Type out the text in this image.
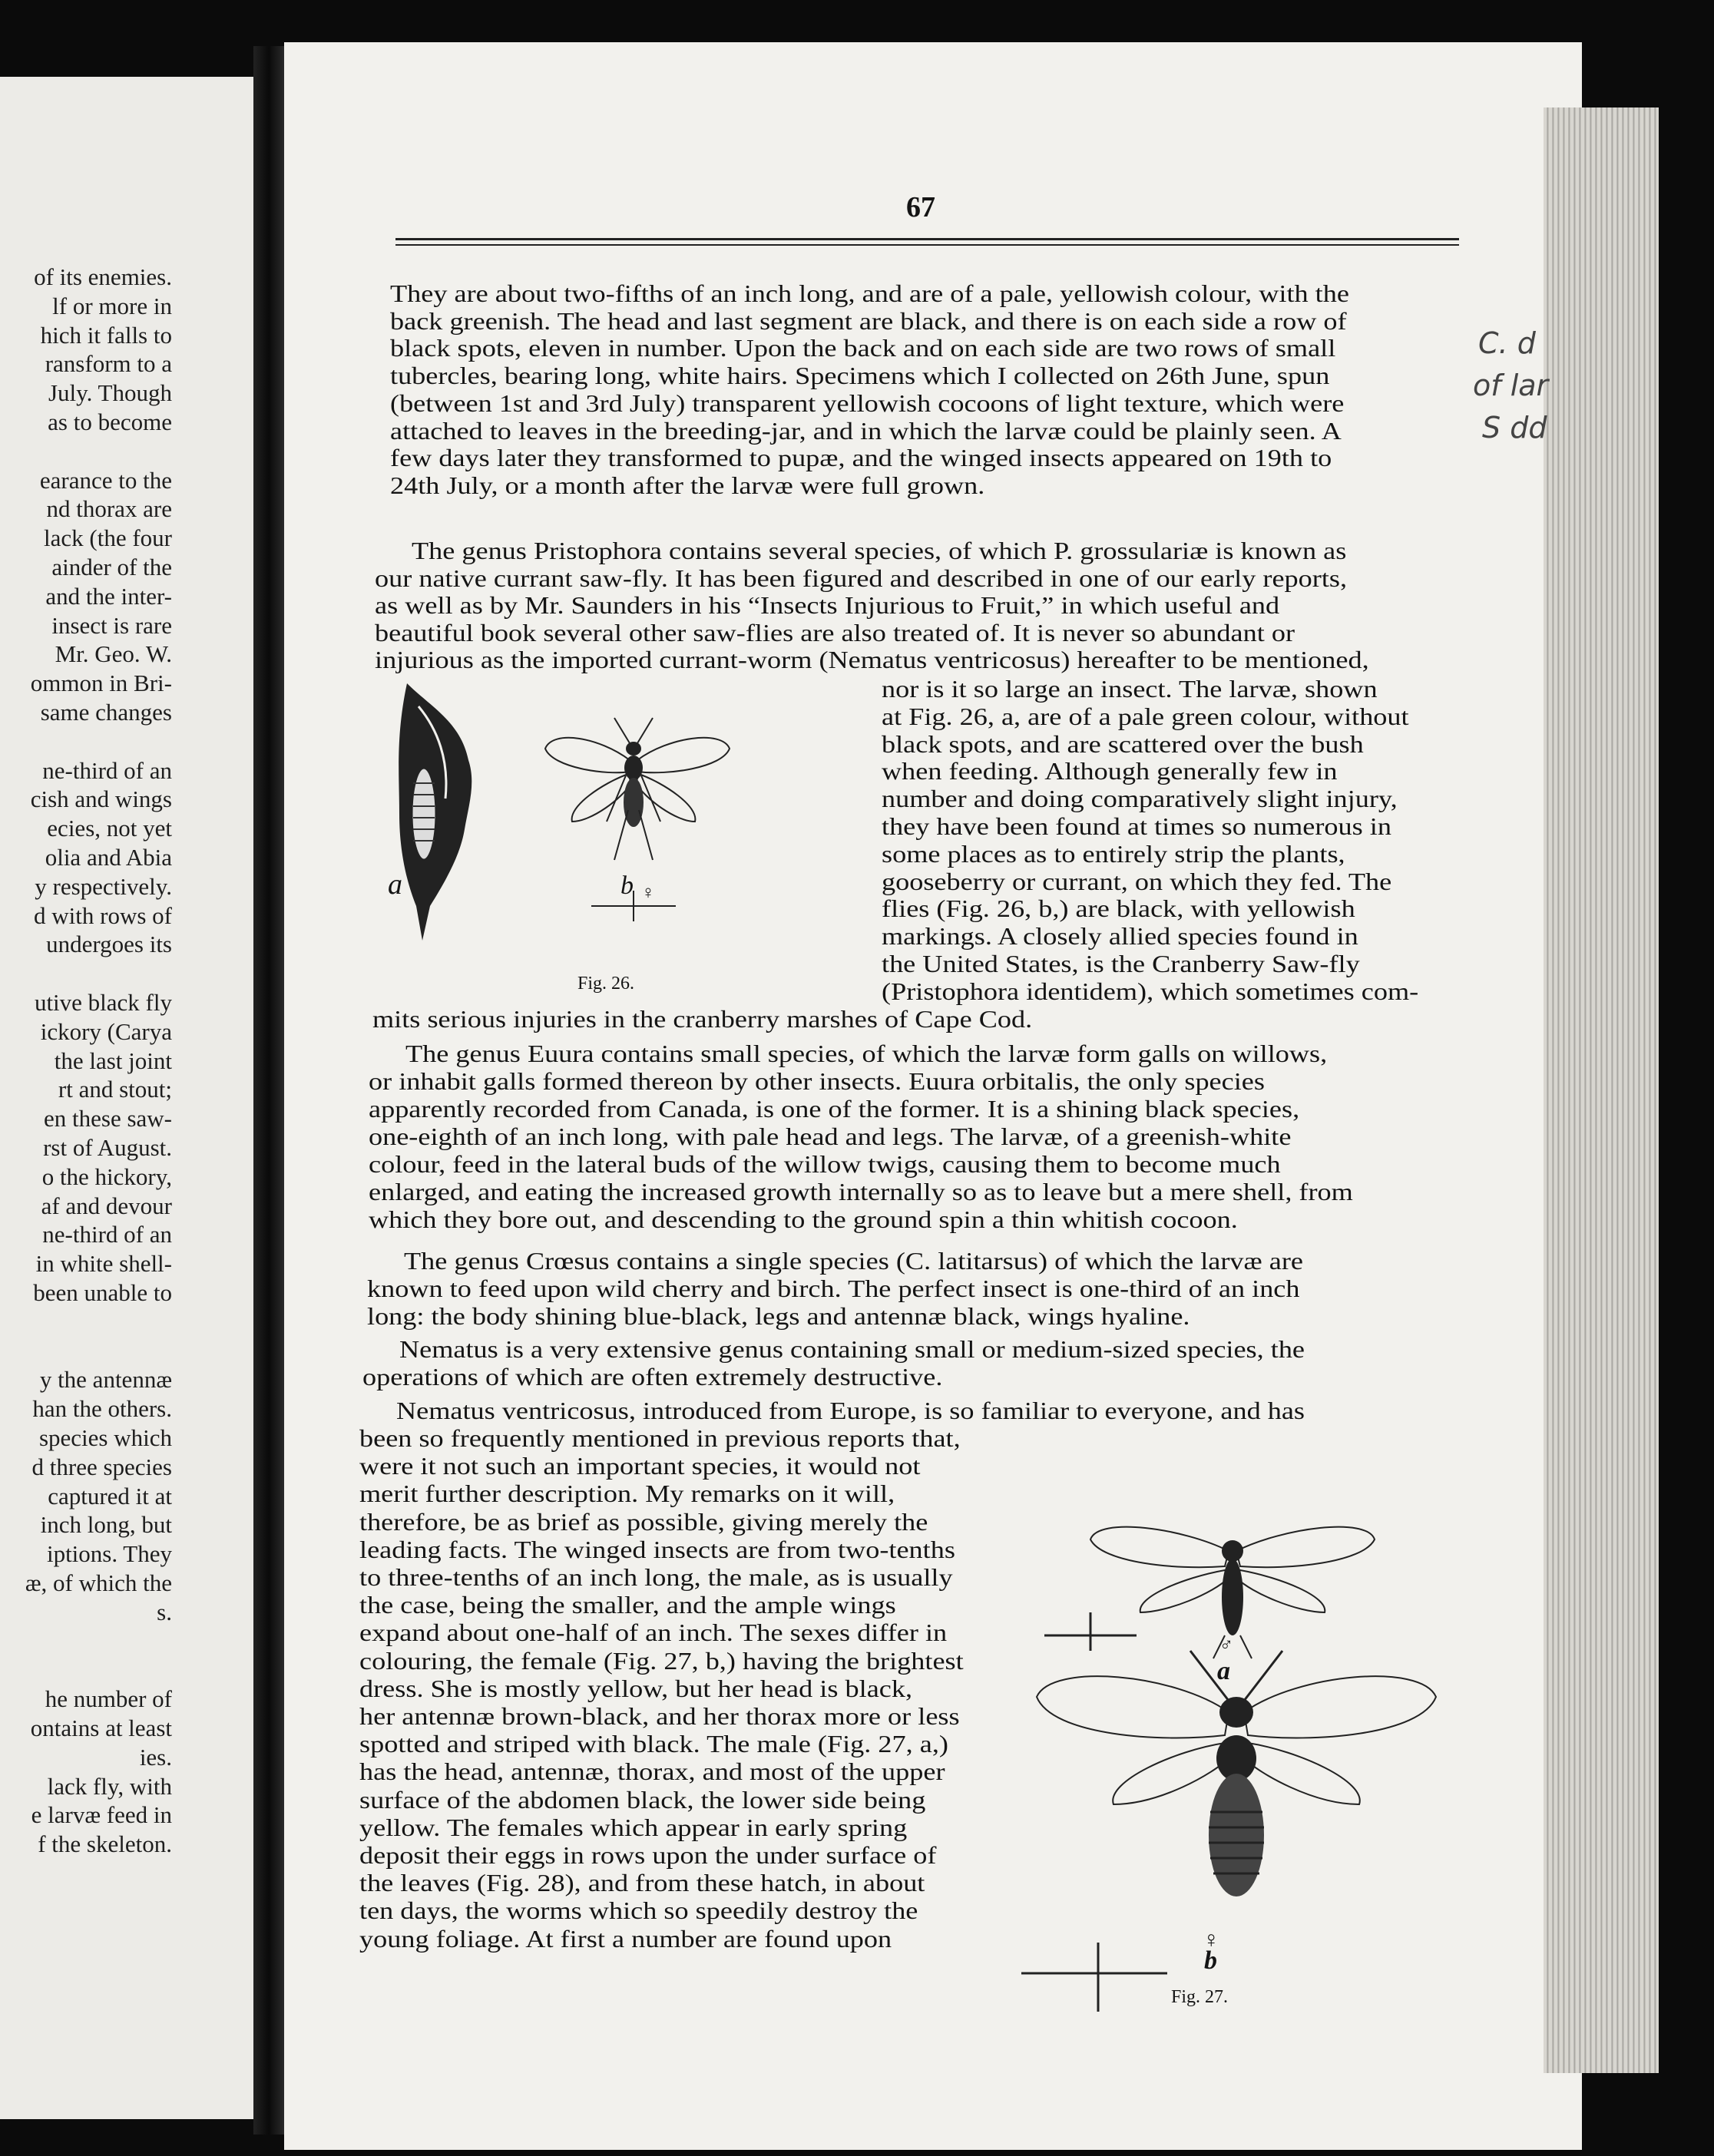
of its enemies.
lf or more in
hich it falls to
ransform to a
July. Though
as to become
earance to the
nd thorax are
lack (the four
ainder of the
and the inter-
insect is rare
Mr. Geo. W.
ommon in Bri-
same changes
ne-third of an
cish and wings
ecies, not yet
olia and Abia
y respectively.
d with rows of
undergoes its
utive black fly
ickory (Carya
the last joint
rt and stout;
en these saw-
rst of August.
o the hickory,
af and devour
ne-third of an
in white shell-
been unable to
y the antennæ
han the others.
species which
d three species
captured it at
inch long, but
iptions. They
æ, of which the
s.
he number of
ontains at least
ies.
lack fly, with
e larvæ feed in
f the skeleton.
67
They are about two-fifths of an inch long, and are of a pale, yellowish colour, with the
back greenish. The head and last segment are black, and there is on each side a row of
black spots, eleven in number. Upon the back and on each side are two rows of small
tubercles, bearing long, white hairs. Specimens which I collected on 26th June, spun
(between 1st and 3rd July) transparent yellowish cocoons of light texture, which were
attached to leaves in the breeding-jar, and in which the larvæ could be plainly seen. A
few days later they transformed to pupæ, and the winged insects appeared on 19th to
24th July, or a month after the larvæ were full grown.
The genus Pristophora contains several species, of which P. grossulariæ is known as
our native currant saw-fly. It has been figured and described in one of our early reports,
as well as by Mr. Saunders in his “Insects Injurious to Fruit,” in which useful and
beautiful book several other saw-flies are also treated of. It is never so abundant or
injurious as the imported currant-worm (Nematus ventricosus) hereafter to be mentioned,
nor is it so large an insect. The larvæ, shown
at Fig. 26, a, are of a pale green colour, without
black spots, and are scattered over the bush
when feeding. Although generally few in
number and doing comparatively slight injury,
they have been found at times so numerous in
some places as to entirely strip the plants,
gooseberry or currant, on which they fed. The
flies (Fig. 26, b,) are black, with yellowish
markings. A closely allied species found in
the United States, is the Cranberry Saw-fly
(Pristophora identidem), which sometimes com-
mits serious injuries in the cranberry marshes of Cape Cod.
The genus Euura contains small species, of which the larvæ form galls on willows,
or inhabit galls formed thereon by other insects. Euura orbitalis, the only species
apparently recorded from Canada, is one of the former. It is a shining black species,
one-eighth of an inch long, with pale head and legs. The larvæ, of a greenish-white
colour, feed in the lateral buds of the willow twigs, causing them to become much
enlarged, and eating the increased growth internally so as to leave but a mere shell, from
which they bore out, and descending to the ground spin a thin whitish cocoon.
The genus Crœsus contains a single species (C. latitarsus) of which the larvæ are
known to feed upon wild cherry and birch. The perfect insect is one-third of an inch
long: the body shining blue-black, legs and antennæ black, wings hyaline.
Nematus is a very extensive genus containing small or medium-sized species, the
operations of which are often extremely destructive.
Nematus ventricosus, introduced from Europe, is so familiar to everyone, and has
been so frequently mentioned in previous reports that,
were it not such an important species, it would not
merit further description. My remarks on it will,
therefore, be as brief as possible, giving merely the
leading facts. The winged insects are from two-tenths
to three-tenths of an inch long, the male, as is usually
the case, being the smaller, and the ample wings
expand about one-half of an inch. The sexes differ in
colouring, the female (Fig. 27, b,) having the brightest
dress. She is mostly yellow, but her head is black,
her antennæ brown-black, and her thorax more or less
spotted and striped with black. The male (Fig. 27, a,)
has the head, antennæ, thorax, and most of the upper
surface of the abdomen black, the lower side being
yellow. The females which appear in early spring
deposit their eggs in rows upon the under surface of
the leaves (Fig. 28), and from these hatch, in about
ten days, the worms which so speedily destroy the
young foliage. At first a number are found upon
a	b ♀
Fig. 26.
a
♂
♀
b
Fig. 27.
C. d
of lar
S dd
